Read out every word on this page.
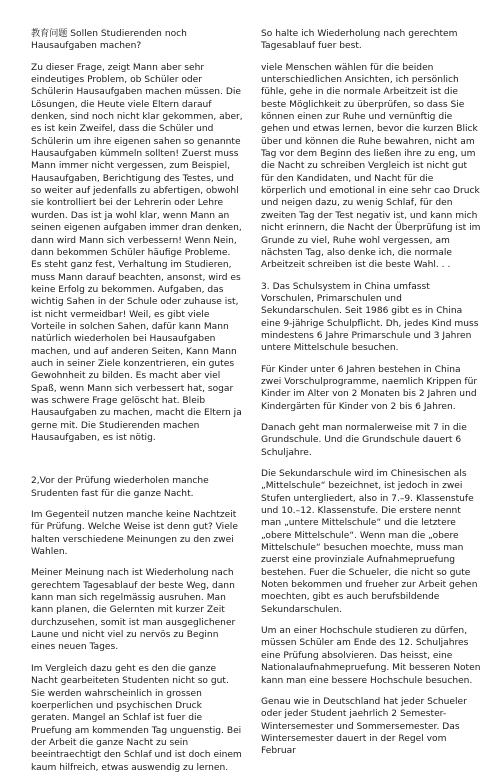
教育问题 Sollen Studierenden noch Hausaufgaben machen?

Zu dieser Frage, zeigt Mann aber sehr eindeutiges Problem, ob Schüler oder Schülerin Hausaufgaben machen müssen. Die Lösungen, die Heute viele Eltern darauf denken, sind noch nicht klar gekommen, aber, es ist kein Zweifel, dass die Schüler und Schülerin um ihre eigenen sahen so genannte Hausaufgaben kümmeln sollten! Zuerst muss Mann immer nicht vergessen, zum Beispiel, Hausaufgaben, Berichtigung des Testes, und so weiter auf jedenfalls zu abfertigen, obwohl sie kontrolliert bei der Lehrerin oder Lehre wurden. Das ist ja wohl klar, wenn Mann an seinen eigenen aufgaben immer dran denken, dann wird Mann sich verbessern! Wenn Nein, dann bekommen Schüler häufige Probleme. Es steht ganz fest, Verhaltung im Studieren, muss Mann darauf beachten, ansonst, wird es keine Erfolg zu bekommen. Aufgaben, das wichtig Sahen in der Schule oder zuhause ist, ist nicht vermeidbar! Weil, es gibt viele Vorteile in solchen Sahen, dafür kann Mann natürlich wiederholen bei Hausaufgaben machen, und auf anderen Seiten, Kann Mann auch in seiner Ziele konzentrieren, ein gutes Gewohnheit zu bilden. Es macht aber viel Spaß, wenn Mann sich verbessert hat, sogar was schwere Frage gelöscht hat. Bleib Hausaufgaben zu machen, macht die Eltern ja gerne mit. Die Studierenden machen Hausaufgaben, es ist nötig.

2,Vor der Prüfung wiederholen manche Srudenten fast für die ganze Nacht.

Im Gegenteil nutzen manche keine Nachtzeit für Prüfung. Welche Weise ist denn gut? Viele halten verschiedene Meinungen zu den zwei Wahlen.

Meiner Meinung nach ist Wiederholung nach gerechtem Tagesablauf der beste Weg, dann kann man sich regelmässig ausruhen. Man kann planen, die Gelernten mit kurzer Zeit durchzusehen, somit ist man ausgeglichener Laune und nicht viel zu nervös zu Beginn eines neuen Tages.

Im Vergleich dazu geht es den die ganze Nacht gearbeiteten Studenten nicht so gut. Sie werden wahrscheinlich in grossen koerperlichen und psychischen Druck geraten. Mangel an Schlaf ist fuer die Pruefung am kommenden Tag unguenstig. Bei der Arbeit die ganze Nacht zu sein beeintraechtigt den Schlaf und ist doch einem kaum hilfreich, etwas auswendig zu lernen.

So halte ich Wiederholung nach gerechtem Tagesablauf fuer best.

viele Menschen wählen für die beiden unterschiedlichen Ansichten, ich persönlich fühle, gehe in die normale Arbeitzeit ist die beste Möglichkeit zu überprüfen, so dass Sie können einen zur Ruhe und vernünftig die gehen und etwas lernen, bevor die kurzen Blick über und können die Ruhe bewahren, nicht am Tag vor dem Beginn des ließen ihre zu eng, um die Nacht zu schreiben Vergleich ist nicht gut für den Kandidaten, und Nacht für die körperlich und emotional in eine sehr cao Druck und neigen dazu, zu wenig Schlaf, für den zweiten Tag der Test negativ ist, und kann mich nicht erinnern, die Nacht der Überprüfung ist im Grunde zu viel, Ruhe wohl vergessen, am nächsten Tag, also denke ich, die normale Arbeitzeit schreiben ist die beste Wahl. . .

3. Das Schulsystem in China umfasst Vorschulen, Primarschulen und Sekundarschulen. Seit 1986 gibt es in China eine 9-jährige Schulpflicht. Dh, jedes Kind muss mindestens 6 Jahre Primarschule und 3 Jahren untere Mittelschule besuchen.

Für Kinder unter 6 Jahren bestehen in China zwei Vorschulprogramme, naemlich Krippen für Kinder im Alter von 2 Monaten bis 2 Jahren und Kindergärten für Kinder von 2 bis 6 Jahren.

Danach geht man normalerweise mit 7 in die Grundschule. Und die Grundschule dauert 6 Schuljahre.

Die Sekundarschule wird im Chinesischen als „Mittelschule“ bezeichnet, ist jedoch in zwei Stufen untergliedert, also in 7.–9. Klassenstufe und 10.–12. Klassenstufe. Die erstere nennt man „untere Mittelschule“ und die letztere „obere Mittelschule“. Wenn man die „obere Mittelschule“ besuchen moechte, muss man zuerst eine provinziale Aufnahmepruefung bestehen. Fuer die Schueler, die nicht so gute Noten bekommen und frueher zur Arbeit gehen moechten, gibt es auch berufsbildende Sekundarschulen.

Um an einer Hochschule studieren zu dürfen, müssen Schüler am Ende des 12. Schuljahres eine Prüfung absolvieren. Das heisst, eine Nationalaufnahmepruefung. Mit besseren Noten kann man eine bessere Hochschule besuchen.

Genau wie in Deutschland hat jeder Schueler oder jeder Student jaehrlich 2 Semester- Wintersemester und Sommersemester. Das Wintersemester dauert in der Regel vom Februar
